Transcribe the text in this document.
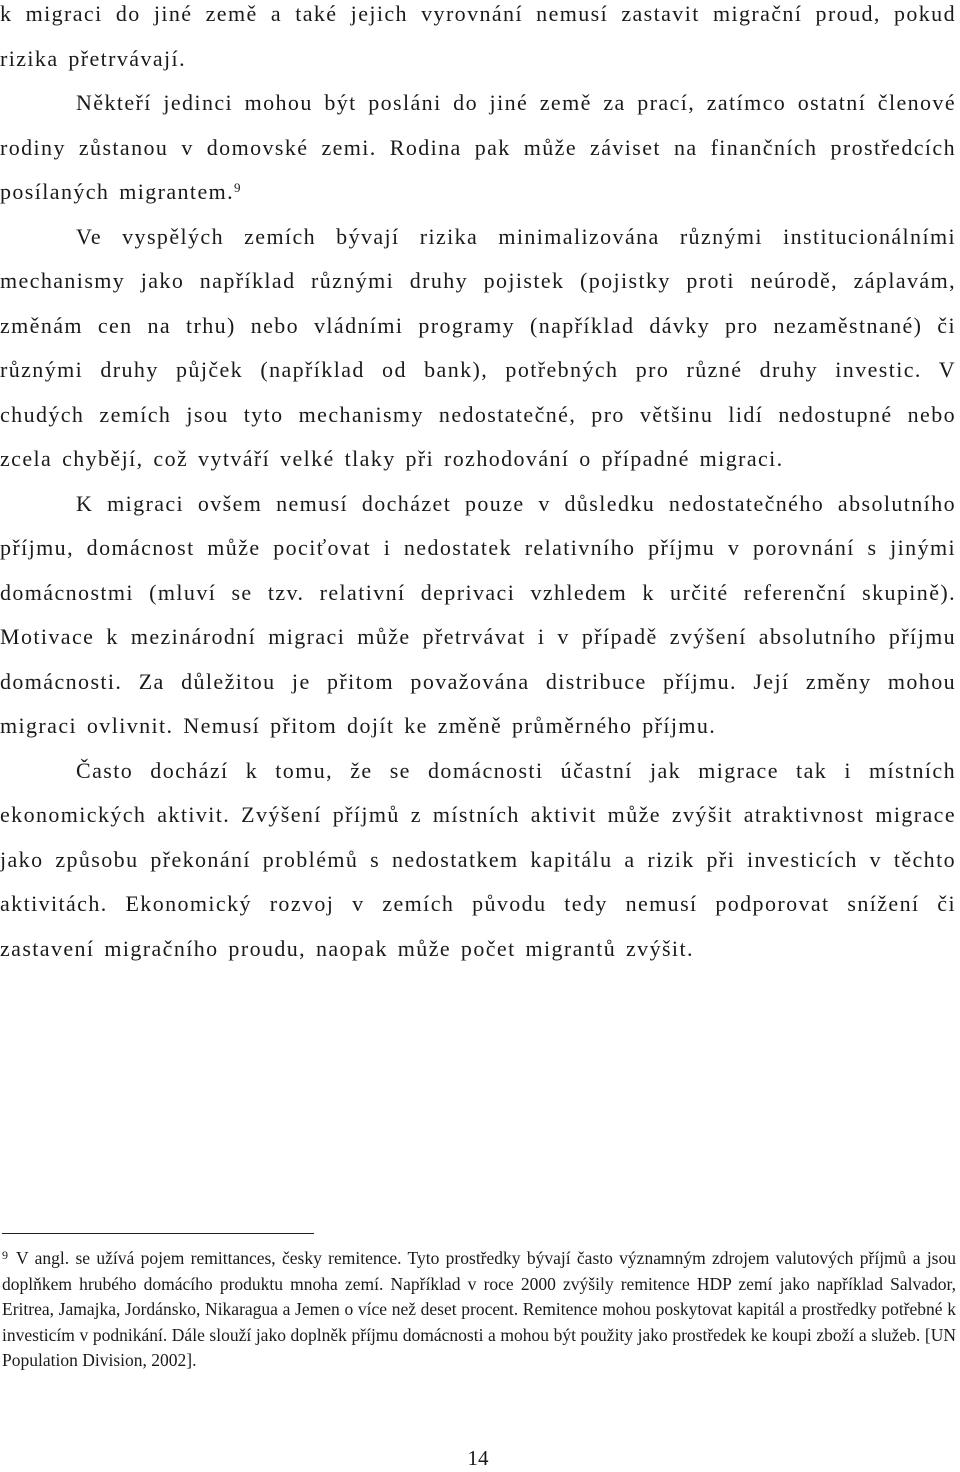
k migraci do jiné země a také jejich vyrovnání nemusí zastavit migrační proud, pokud rizika přetrvávají.

Někteří jedinci mohou být posláni do jiné země za prací, zatímco ostatní členové rodiny zůstanou v domovské zemi. Rodina pak může záviset na finančních prostředcích posílaných migrantem.$^9$

Ve vyspělých zemích bývají rizika minimalizována různými institucionálními mechanismy jako například různými druhy pojistek (pojistky proti neúrodě, záplavám, změnám cen na trhu) nebo vládními programy (například dávky pro nezaměstnané) či různými druhy půjček (například od bank), potřebných pro různé druhy investic. V chudých zemích jsou tyto mechanismy nedostatečné, pro většinu lidí nedostupné nebo zcela chybějí, což vytváří velké tlaky při rozhodování o případné migraci.

K migraci ovšem nemusí docházet pouze v důsledku nedostatečného absolutního příjmu, domácnost může pociťovat i nedostatek relativního příjmu v porovnání s jinými domácnostmi (mluví se tzv. relativní deprivaci vzhledem k určité referenční skupině). Motivace k mezinárodní migraci může přetrvávat i v případě zvýšení absolutního příjmu domácnosti. Za důležitou je přitom považována distribuce příjmu. Její změny mohou migraci ovlivnit. Nemusí přitom dojít ke změně průměrného příjmu.

Často dochází k tomu, že se domácnosti účastní jak migrace tak i místních ekonomických aktivit. Zvýšení příjmů z místních aktivit může zvýšit atraktivnost migrace jako způsobu překonání problémů s nedostatkem kapitálu a rizik při investicích v těchto aktivitách. Ekonomický rozvoj v zemích původu tedy nemusí podporovat snížení či zastavení migračního proudu, naopak může počet migrantů zvýšit.

$^9$ V angl. se užívá pojem remittances, česky remitence. Tyto prostředky bývají často významným zdrojem valutových příjmů a jsou doplňkem hrubého domácího produktu mnoha zemí. Například v roce 2000 zvýšily remitence HDP zemí jako například Salvador, Eritrea, Jamajka, Jordánsko, Nikaragua a Jemen o více než deset procent. Remitence mohou poskytovat kapitál a prostředky potřebné k investicím v podnikání. Dále slouží jako doplněk příjmu domácnosti a mohou být použity jako prostředek ke koupi zboží a služeb. [UN Population Division, 2002].

14
